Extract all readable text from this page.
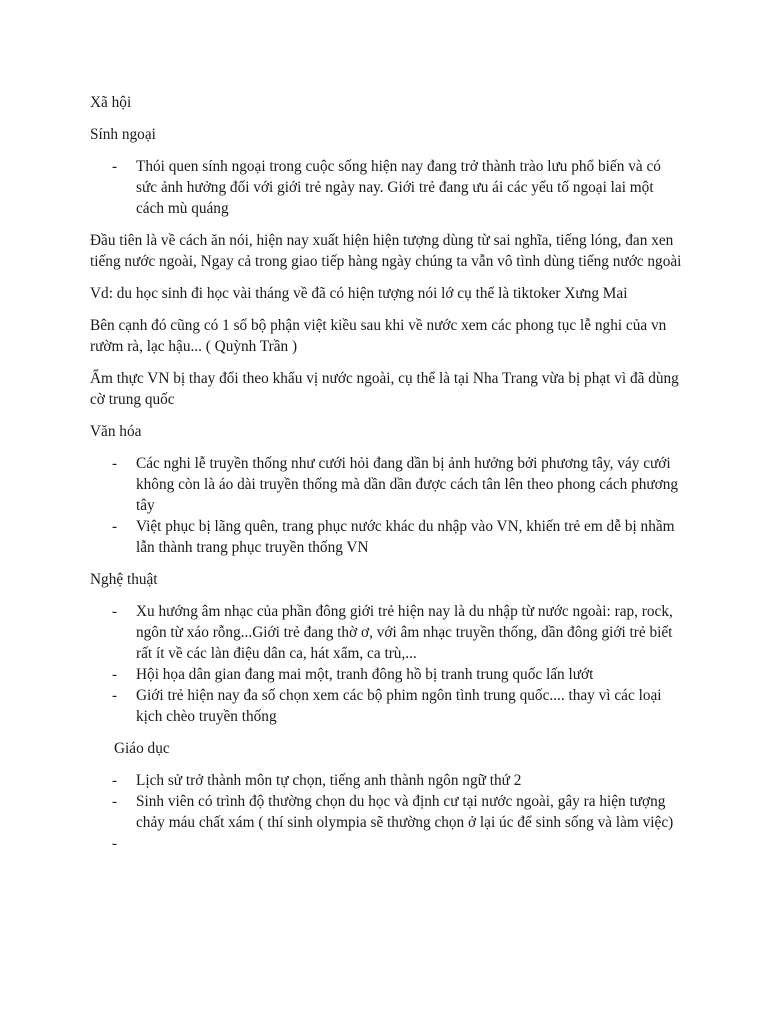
Xã hội

Sính ngoại

- Thói quen sính ngoại trong cuộc sống hiện nay đang trở thành trào lưu phổ biến và có sức ảnh hưởng đối với giới trẻ ngày nay. Giới trẻ đang ưu ái các yếu tố ngoại lai một cách mù quáng

Đầu tiên là về cách ăn nói, hiện nay xuất hiện hiện tượng dùng từ sai nghĩa, tiếng lóng, đan xen tiếng nước ngoài, Ngay cả trong giao tiếp hàng ngày chúng ta vẫn vô tình dùng tiếng nước ngoài

Vd: du học sinh đi học vài tháng về đã có hiện tượng nói lớ cụ thể là tiktoker Xưng Mai

Bên cạnh đó cũng có 1 số bộ phận việt kiều sau khi về nước xem các phong tục lễ nghi của vn rườm rà, lạc hậu... ( Quỳnh Trần )

Ẩm thực VN bị thay đổi theo khẩu vị nước ngoài, cụ thể là tại Nha Trang vừa bị phạt vì đã dùng cờ trung quốc

Văn hóa

- Các nghi lễ truyền thống như cưới hỏi đang dần bị ảnh hưởng bởi phương tây, váy cưới không còn là áo dài truyền thống mà dần dần được cách tân lên theo phong cách phương tây
- Việt phục bị lãng quên, trang phục nước khác du nhập vào VN, khiến trẻ em dễ bị nhầm lẫn thành trang phục truyền thống VN

Nghệ thuật

- Xu hướng âm nhạc của phần đông giới trẻ hiện nay là du nhập từ nước ngoài: rap, rock, ngôn từ xáo rỗng...Giới trẻ đang thờ ơ, với âm nhạc truyền thống, dần đông giới trẻ biết rất ít về các làn điệu dân ca, hát xẩm, ca trù,...
- Hội họa dân gian đang mai một, tranh đông hồ bị tranh trung quốc lấn lướt
- Giới trẻ hiện nay đa số chọn xem các bộ phim ngôn tình trung quốc.... thay vì các loại kịch chèo truyền thống

Giáo dục

- Lịch sử trở thành môn tự chọn, tiếng anh thành ngôn ngữ thứ 2
- Sinh viên có trình độ thường chọn du học và định cư tại nước ngoài, gây ra hiện tượng chảy máu chất xám ( thí sinh olympia sẽ thường chọn ở lại úc để sinh sống và làm việc)
-
